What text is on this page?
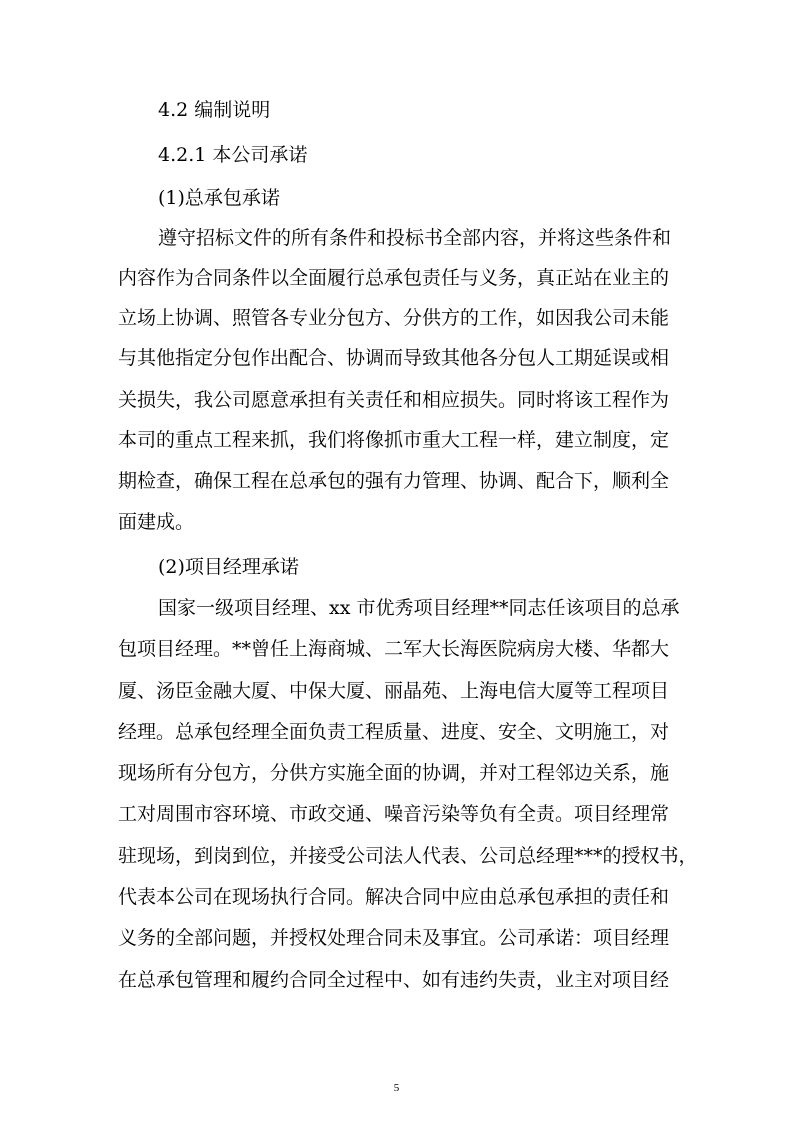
4.2 编制说明

4.2.1 本公司承诺

(1)总承包承诺

遵守招标文件的所有条件和投标书全部内容，并将这些条件和

内容作为合同条件以全面履行总承包责任与义务，真正站在业主的

立场上协调、照管各专业分包方、分供方的工作，如因我公司未能

与其他指定分包作出配合、协调而导致其他各分包人工期延误或相

关损失，我公司愿意承担有关责任和相应损失。同时将该工程作为

本司的重点工程来抓，我们将像抓市重大工程一样，建立制度，定

期检查，确保工程在总承包的强有力管理、协调、配合下，顺利全

面建成。

(2)项目经理承诺

国家一级项目经理、xx 市优秀项目经理**同志任该项目的总承

包项目经理。**曾任上海商城、二军大长海医院病房大楼、华都大

厦、汤臣金融大厦、中保大厦、丽晶苑、上海电信大厦等工程项目

经理。总承包经理全面负责工程质量、进度、安全、文明施工，对

现场所有分包方，分供方实施全面的协调，并对工程邻边关系，施

工对周围市容环境、市政交通、噪音污染等负有全责。项目经理常

驻现场，到岗到位，并接受公司法人代表、公司总经理***的授权书，

代表本公司在现场执行合同。解决合同中应由总承包承担的责任和

义务的全部问题，并授权处理合同未及事宜。公司承诺：项目经理

在总承包管理和履约合同全过程中、如有违约失责，业主对项目经

5
